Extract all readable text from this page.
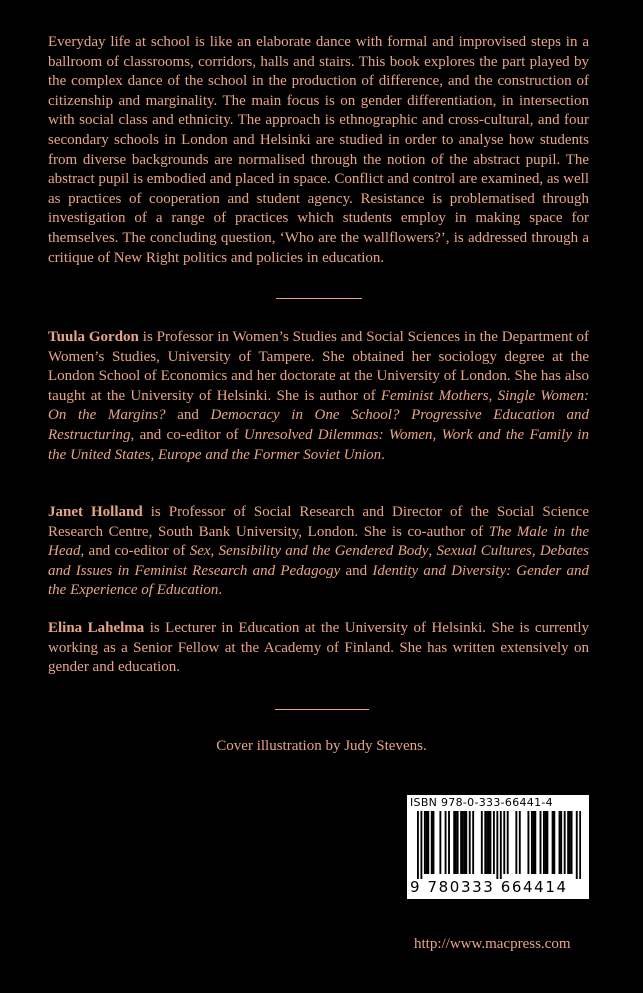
Everyday life at school is like an elaborate dance with formal and improvised steps in a ballroom of classrooms, corridors, halls and stairs. This book explores the part played by the complex dance of the school in the production of difference, and the construction of citizenship and marginality. The main focus is on gender differentiation, in intersection with social class and ethnicity. The approach is ethnographic and cross-cultural, and four secondary schools in London and Helsinki are studied in order to analyse how students from diverse backgrounds are normalised through the notion of the abstract pupil. The abstract pupil is embodied and placed in space. Conflict and control are examined, as well as practices of cooperation and student agency. Resistance is problematised through investigation of a range of practices which students employ in making space for themselves. The concluding question, ‘Who are the wallflowers?’, is addressed through a critique of New Right politics and policies in education.

Tuula Gordon is Professor in Women’s Studies and Social Sciences in the Department of Women’s Studies, University of Tampere. She obtained her sociology degree at the London School of Economics and her doctorate at the University of London. She has also taught at the University of Helsinki. She is author of Feminist Mothers, Single Women: On the Margins? and Democracy in One School? Progressive Education and Restructuring, and co-editor of Unresolved Dilemmas: Women, Work and the Family in the United States, Europe and the Former Soviet Union.

Janet Holland is Professor of Social Research and Director of the Social Science Research Centre, South Bank University, London. She is co-author of The Male in the Head, and co-editor of Sex, Sensibility and the Gendered Body, Sexual Cultures, Debates and Issues in Feminist Research and Pedagogy and Identity and Diversity: Gender and the Experience of Education.

Elina Lahelma is Lecturer in Education at the University of Helsinki. She is currently working as a Senior Fellow at the Academy of Finland. She has written extensively on gender and education.

Cover illustration by Judy Stevens.
ISBN 978-0-333-66441-4
9 780333 664414
http://www.macpress.com
